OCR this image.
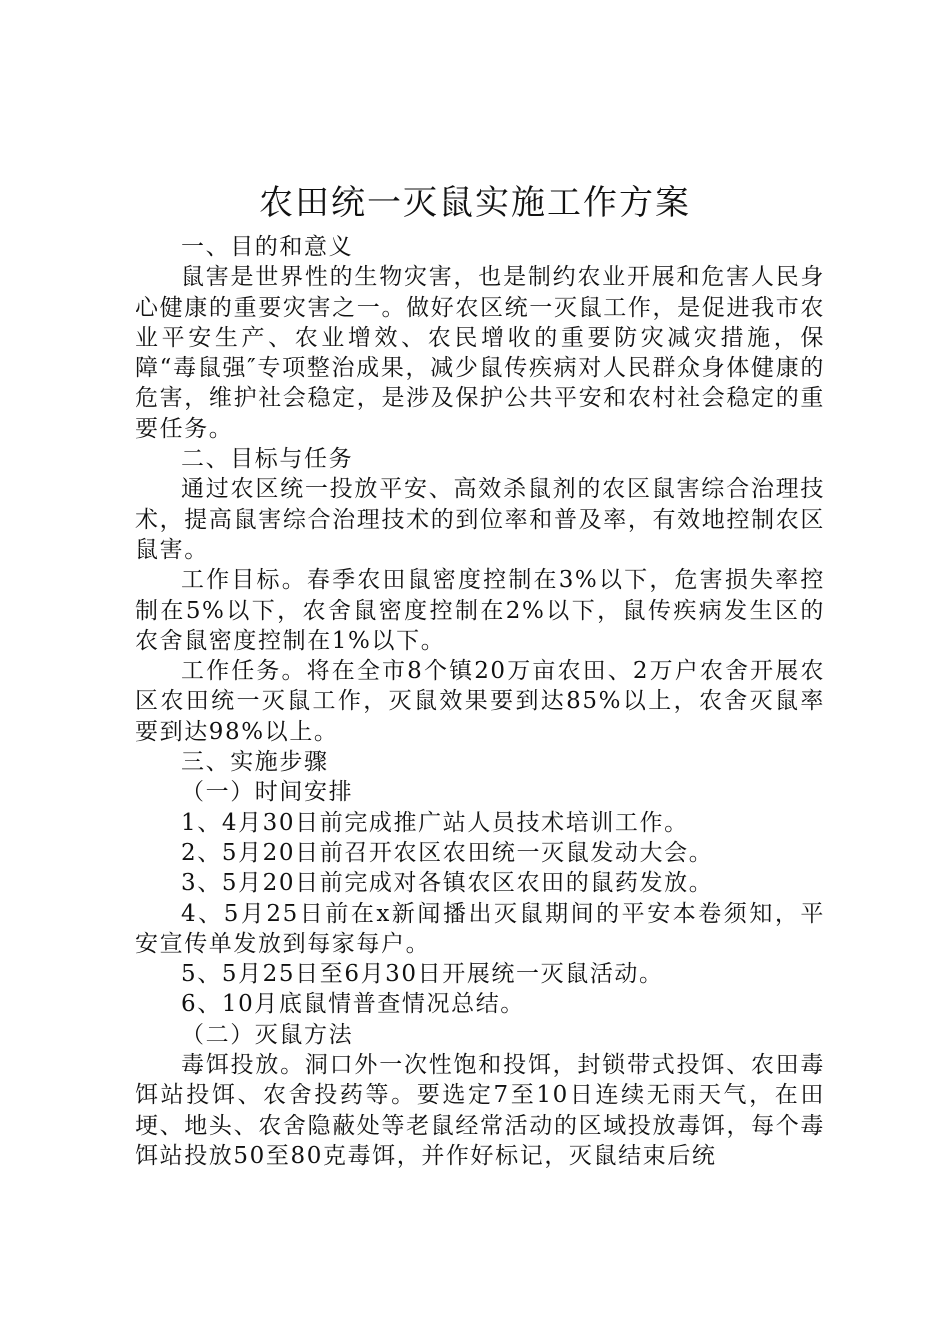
农田统一灭鼠实施工作方案

一、目的和意义

鼠害是世界性的生物灾害，也是制约农业开展和危害人民身心健康的重要灾害之一。做好农区统一灭鼠工作，是促进我市农业平安生产、农业增效、农民增收的重要防灾减灾措施，保障“毒鼠强″专项整治成果，减少鼠传疾病对人民群众身体健康的危害，维护社会稳定，是涉及保护公共平安和农村社会稳定的重要任务。

二、目标与任务

通过农区统一投放平安、高效杀鼠剂的农区鼠害综合治理技术，提高鼠害综合治理技术的到位率和普及率，有效地控制农区鼠害。

工作目标。春季农田鼠密度控制在3%以下，危害损失率控制在5%以下，农舍鼠密度控制在2%以下，鼠传疾病发生区的农舍鼠密度控制在1%以下。

工作任务。将在全市8个镇20万亩农田、2万户农舍开展农区农田统一灭鼠工作，灭鼠效果要到达85%以上，农舍灭鼠率要到达98%以上。

三、实施步骤

（一）时间安排

1、4月30日前完成推广站人员技术培训工作。

2、5月20日前召开农区农田统一灭鼠发动大会。

3、5月20日前完成对各镇农区农田的鼠药发放。

4、5月25日前在x新闻播出灭鼠期间的平安本卷须知，平安宣传单发放到每家每户。

5、5月25日至6月30日开展统一灭鼠活动。

6、10月底鼠情普查情况总结。

（二）灭鼠方法

毒饵投放。洞口外一次性饱和投饵，封锁带式投饵、农田毒饵站投饵、农舍投药等。要选定7至10日连续无雨天气，在田埂、地头、农舍隐蔽处等老鼠经常活动的区域投放毒饵，每个毒饵站投放50至80克毒饵，并作好标记，灭鼠结束后统
